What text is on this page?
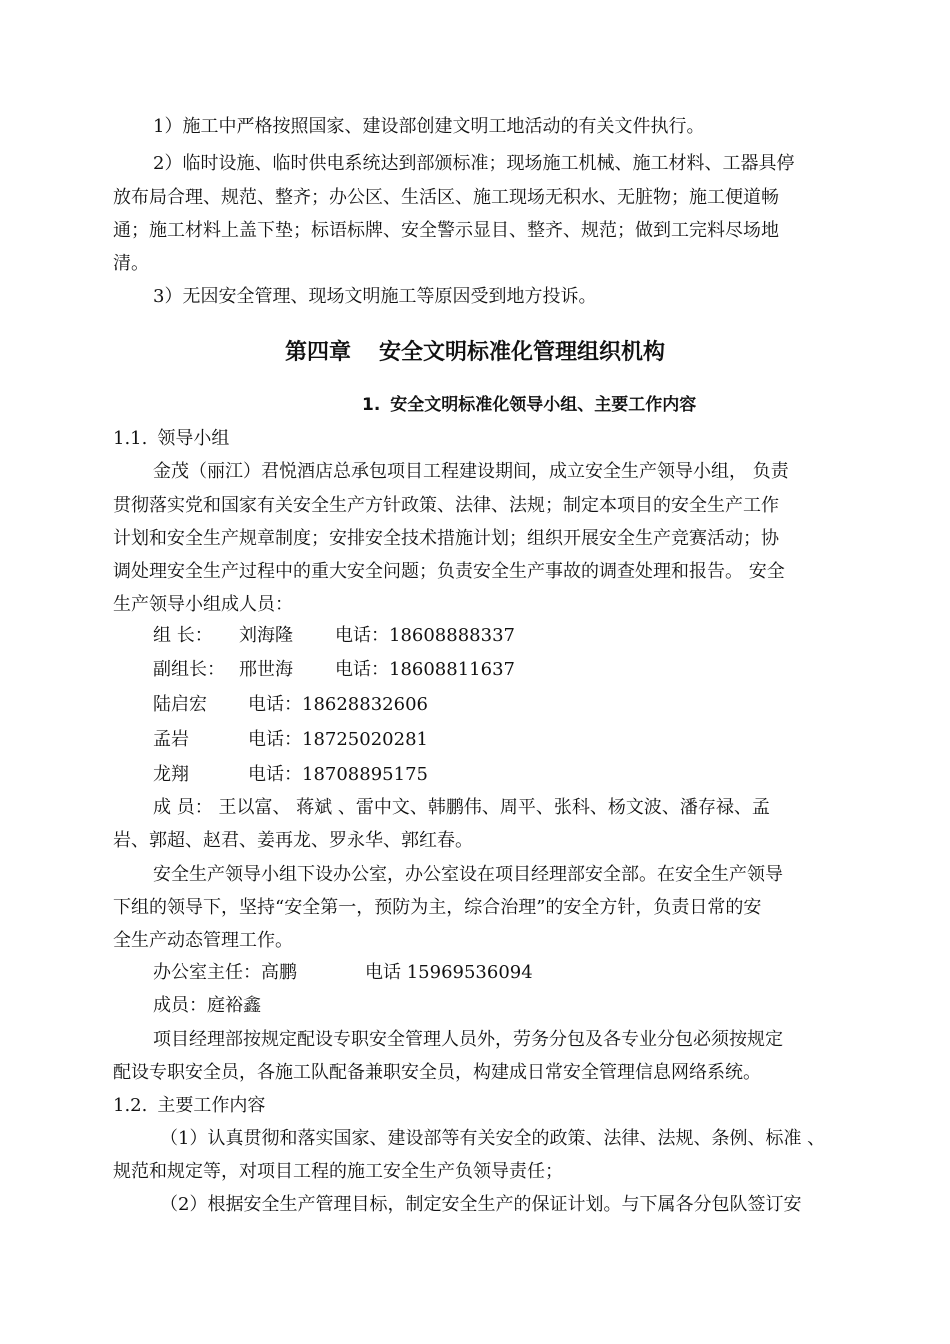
1）施工中严格按照国家、建设部创建文明工地活动的有关文件执行。
2）临时设施、临时供电系统达到部颁标准；现场施工机械、施工材料、工器具停
放布局合理、规范、整齐；办公区、生活区、施工现场无积水、无脏物；施工便道畅
通；施工材料上盖下垫；标语标牌、安全警示显目、整齐、规范；做到工完料尽场地
清。
3）无因安全管理、现场文明施工等原因受到地方投诉。
第四章 安全文明标准化管理组织机构
1. 安全文明标准化领导小组、主要工作内容
1.1. 领导小组
金茂（丽江）君悦酒店总承包项目工程建设期间，成立安全生产领导小组， 负责
贯彻落实党和国家有关安全生产方针政策、法律、法规；制定本项目的安全生产工作
计划和安全生产规章制度；安排安全技术措施计划；组织开展安全生产竞赛活动；协
调处理安全生产过程中的重大安全问题；负责安全生产事故的调查处理和报告。 安全
生产领导小组成人员：
组 长： 刘海隆 电话：18608888337
副组长： 邢世海 电话：18608811637
陆启宏 电话：18628832606
孟岩	电话：18725020281
龙翔	电话：18708895175
成 员： 王以富、 蒋斌 、雷中文、韩鹏伟、周平、张科、杨文波、潘存禄、孟
岩、郭超、赵君、姜再龙、罗永华、郭红春。
安全生产领导小组下设办公室，办公室设在项目经理部安全部。在安全生产领导
下组的领导下，坚持“安全第一，预防为主，综合治理”的安全方针，负责日常的安
全生产动态管理工作。
办公室主任：高鹏	电话 15969536094
成员：庭裕鑫
项目经理部按规定配设专职安全管理人员外，劳务分包及各专业分包必须按规定
配设专职安全员，各施工队配备兼职安全员，构建成日常安全管理信息网络系统。
1.2. 主要工作内容
（1）认真贯彻和落实国家、建设部等有关安全的政策、法律、法规、条例、标准 、
规范和规定等，对项目工程的施工安全生产负领导责任；
（2）根据安全生产管理目标，制定安全生产的保证计划。与下属各分包队签订安
